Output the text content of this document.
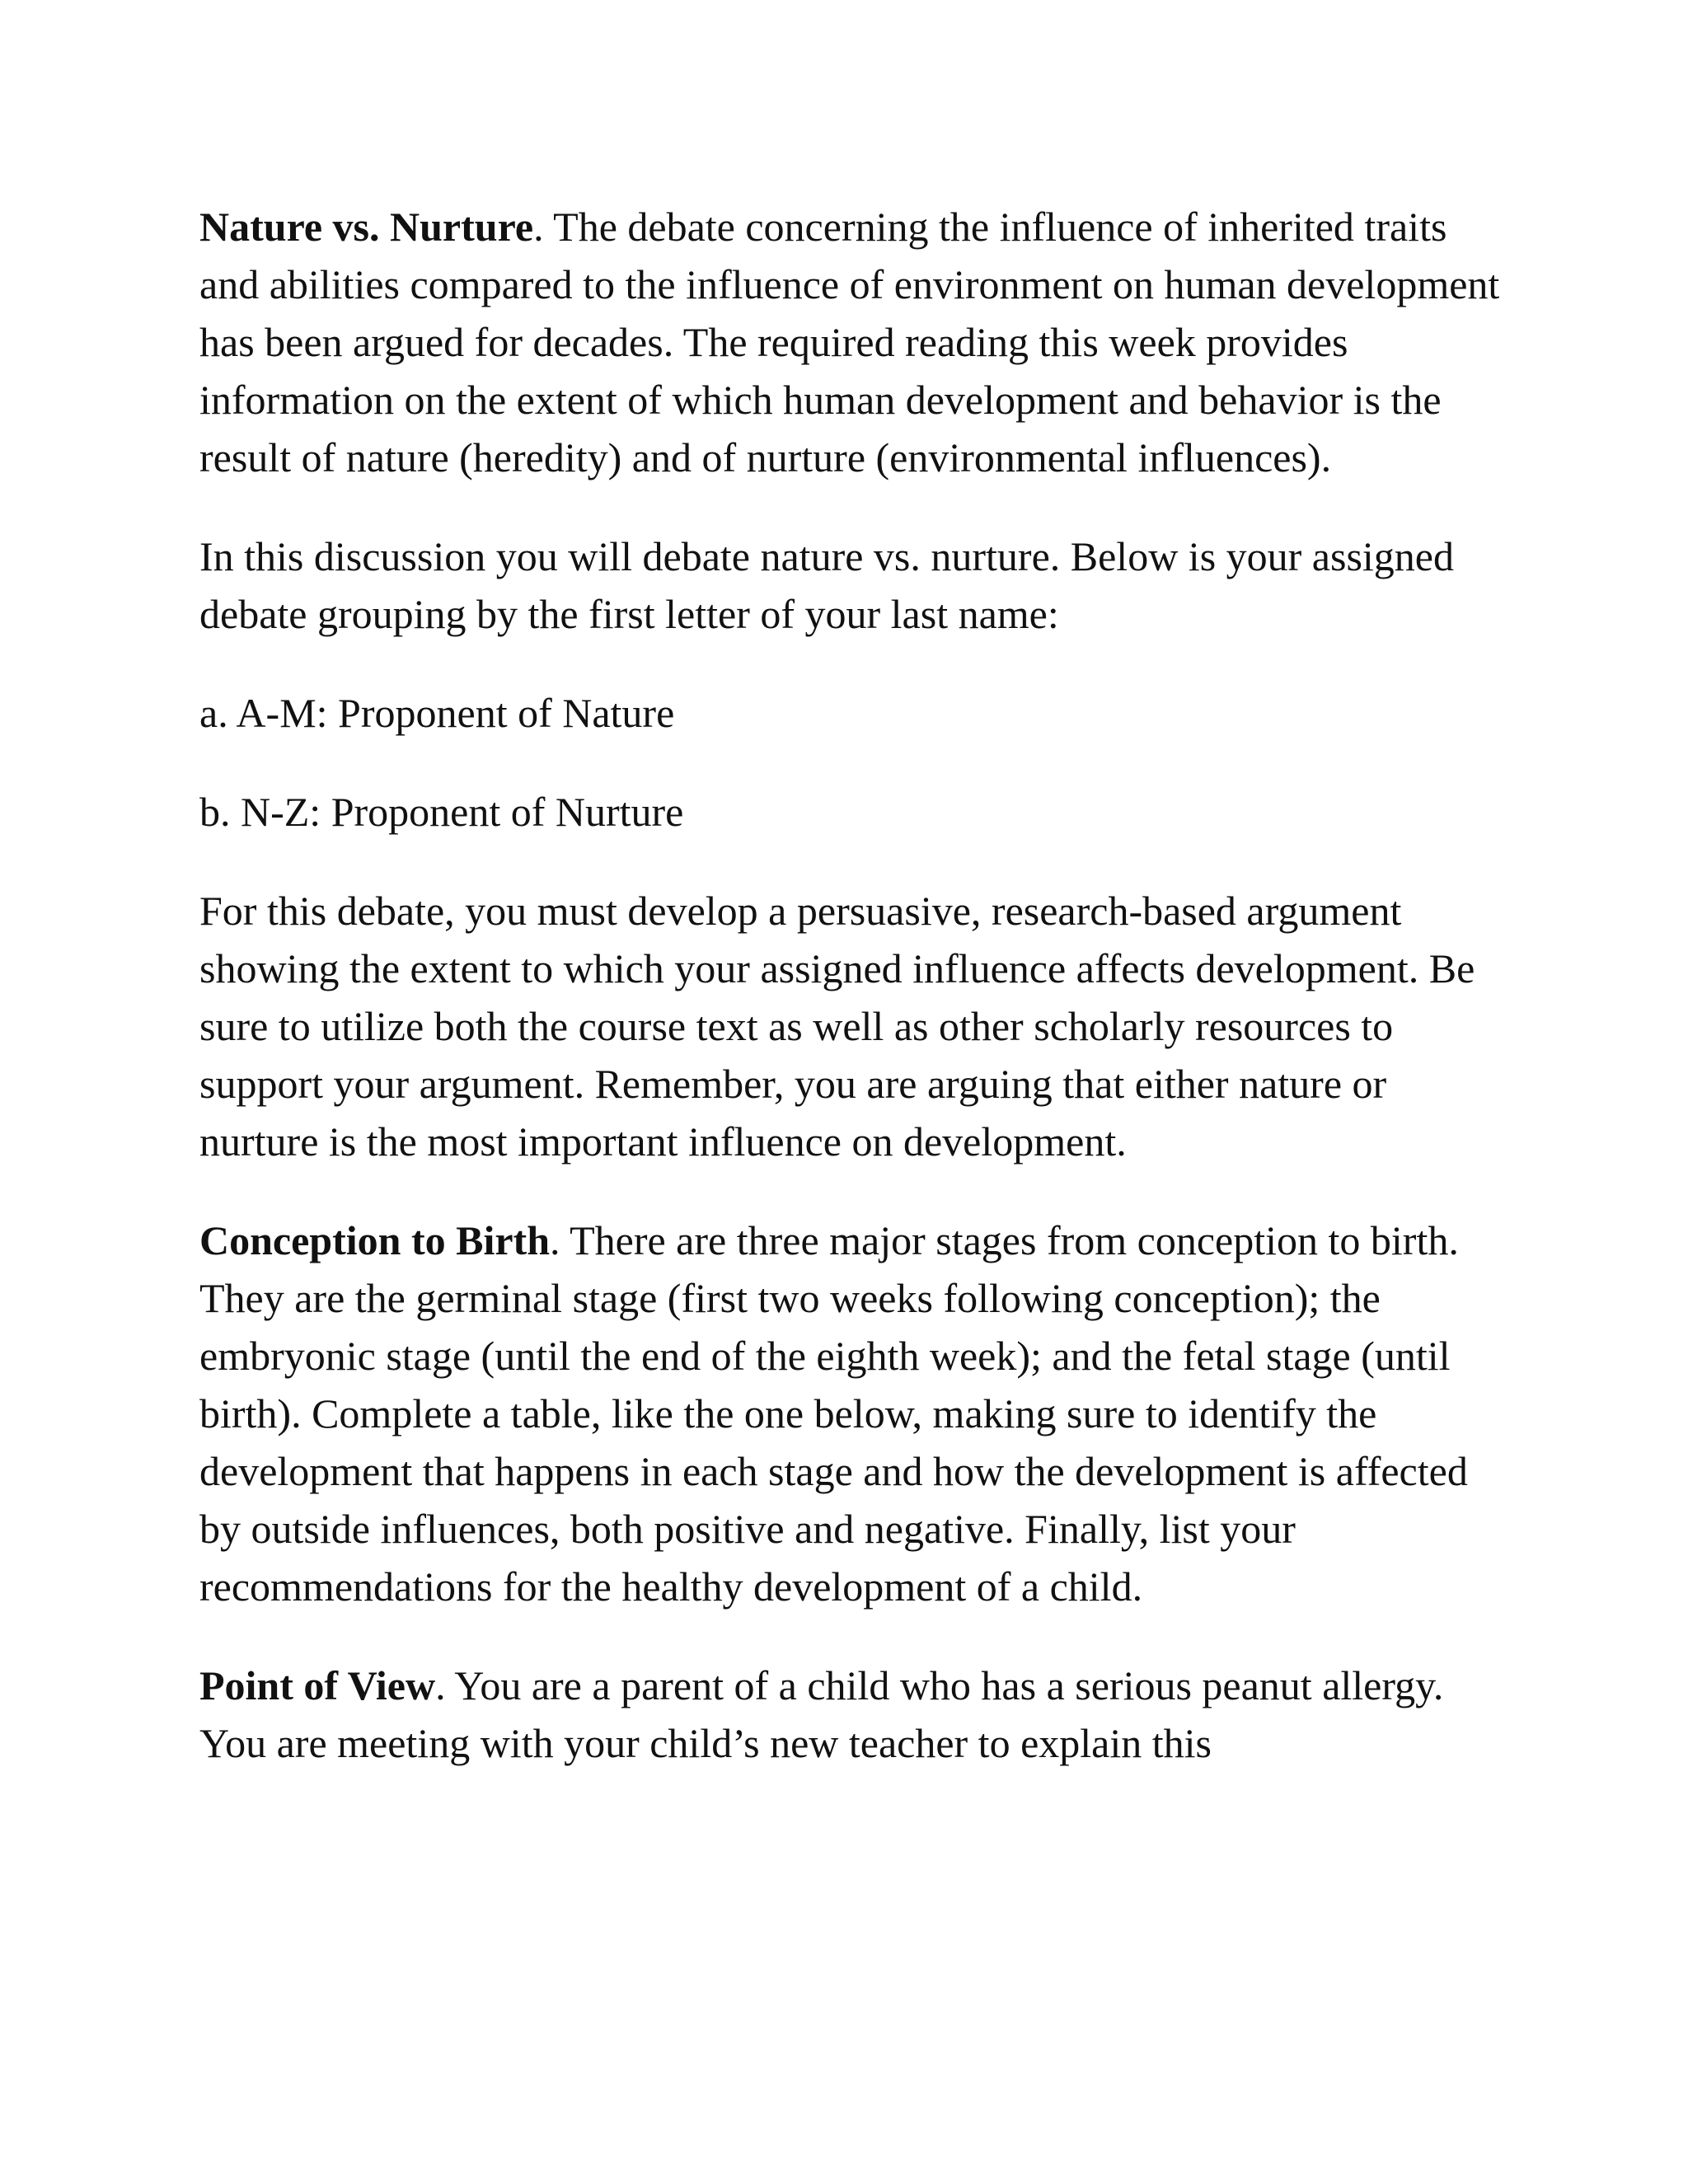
Nature vs. Nurture. The debate concerning the influence of inherited traits and abilities compared to the influence of environment on human development has been argued for decades. The required reading this week provides information on the extent of which human development and behavior is the result of nature (heredity) and of nurture (environmental influences).

In this discussion you will debate nature vs. nurture. Below is your assigned debate grouping by the first letter of your last name:

a. A-M: Proponent of Nature

b. N-Z: Proponent of Nurture

For this debate, you must develop a persuasive, research-based argument showing the extent to which your assigned influence affects development. Be sure to utilize both the course text as well as other scholarly resources to support your argument. Remember, you are arguing that either nature or nurture is the most important influence on development.

Conception to Birth. There are three major stages from conception to birth. They are the germinal stage (first two weeks following conception); the embryonic stage (until the end of the eighth week); and the fetal stage (until birth). Complete a table, like the one below, making sure to identify the development that happens in each stage and how the development is affected by outside influences, both positive and negative. Finally, list your recommendations for the healthy development of a child.

Point of View. You are a parent of a child who has a serious peanut allergy. You are meeting with your child’s new teacher to explain this
